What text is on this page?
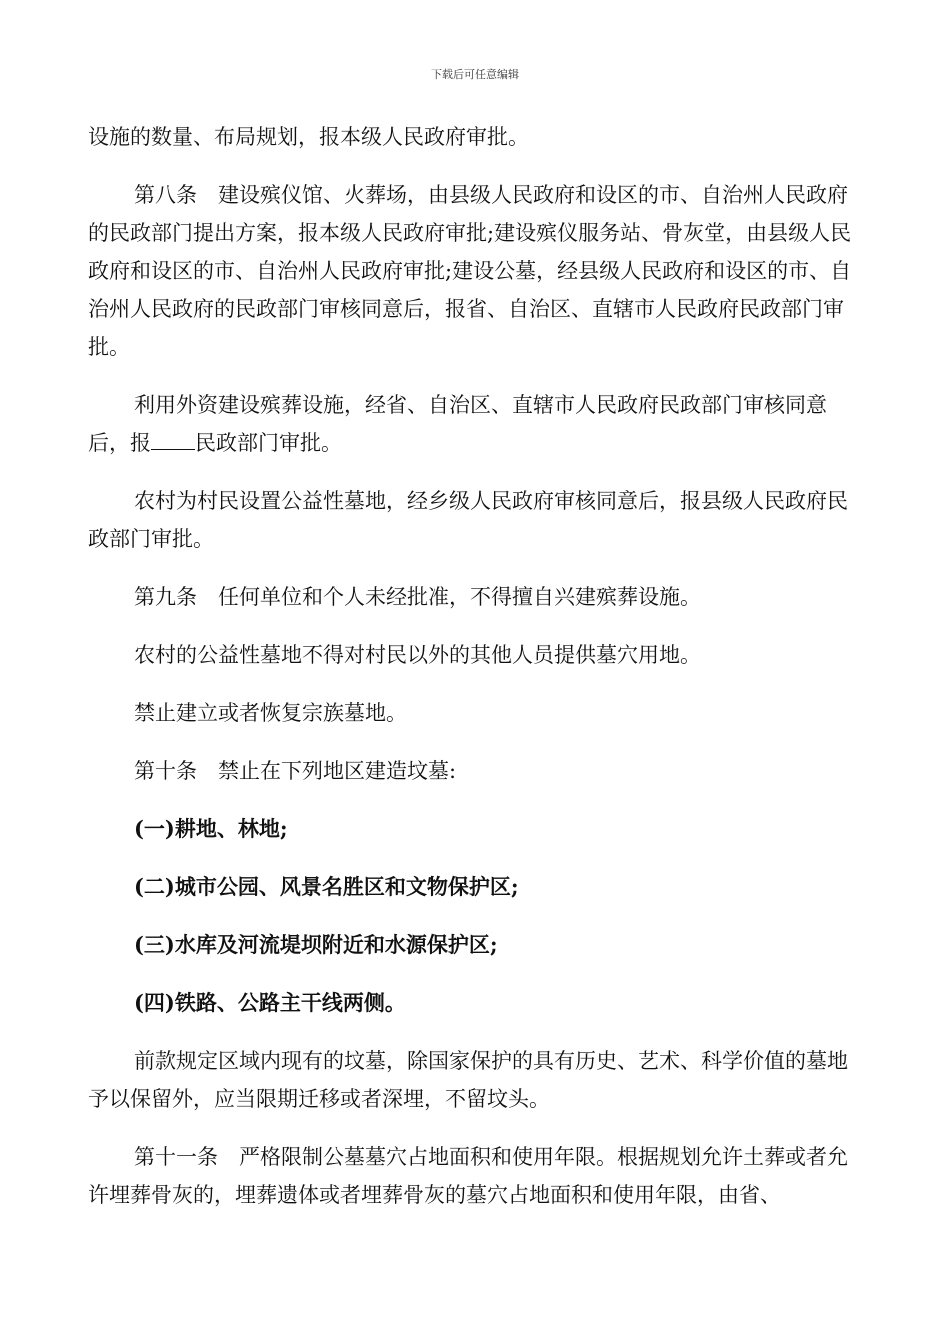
下载后可任意编辑

设施的数量、布局规划，报本级人民政府审批。

第八条　建设殡仪馆、火葬场，由县级人民政府和设区的市、自治州人民政府的民政部门提出方案，报本级人民政府审批;建设殡仪服务站、骨灰堂，由县级人民政府和设区的市、自治州人民政府审批;建设公墓，经县级人民政府和设区的市、自治州人民政府的民政部门审核同意后，报省、自治区、直辖市人民政府民政部门审批。

利用外资建设殡葬设施，经省、自治区、直辖市人民政府民政部门审核同意后，报 民政部门审批。

农村为村民设置公益性墓地，经乡级人民政府审核同意后，报县级人民政府民政部门审批。

第九条　任何单位和个人未经批准，不得擅自兴建殡葬设施。

农村的公益性墓地不得对村民以外的其他人员提供墓穴用地。

禁止建立或者恢复宗族墓地。

第十条　禁止在下列地区建造坟墓:

(一)耕地、林地;

(二)城市公园、风景名胜区和文物保护区;

(三)水库及河流堤坝附近和水源保护区;

(四)铁路、公路主干线两侧。

前款规定区域内现有的坟墓，除国家保护的具有历史、艺术、科学价值的墓地予以保留外，应当限期迁移或者深埋，不留坟头。

第十一条　严格限制公墓墓穴占地面积和使用年限。根据规划允许土葬或者允许埋葬骨灰的，埋葬遗体或者埋葬骨灰的墓穴占地面积和使用年限，由省、
